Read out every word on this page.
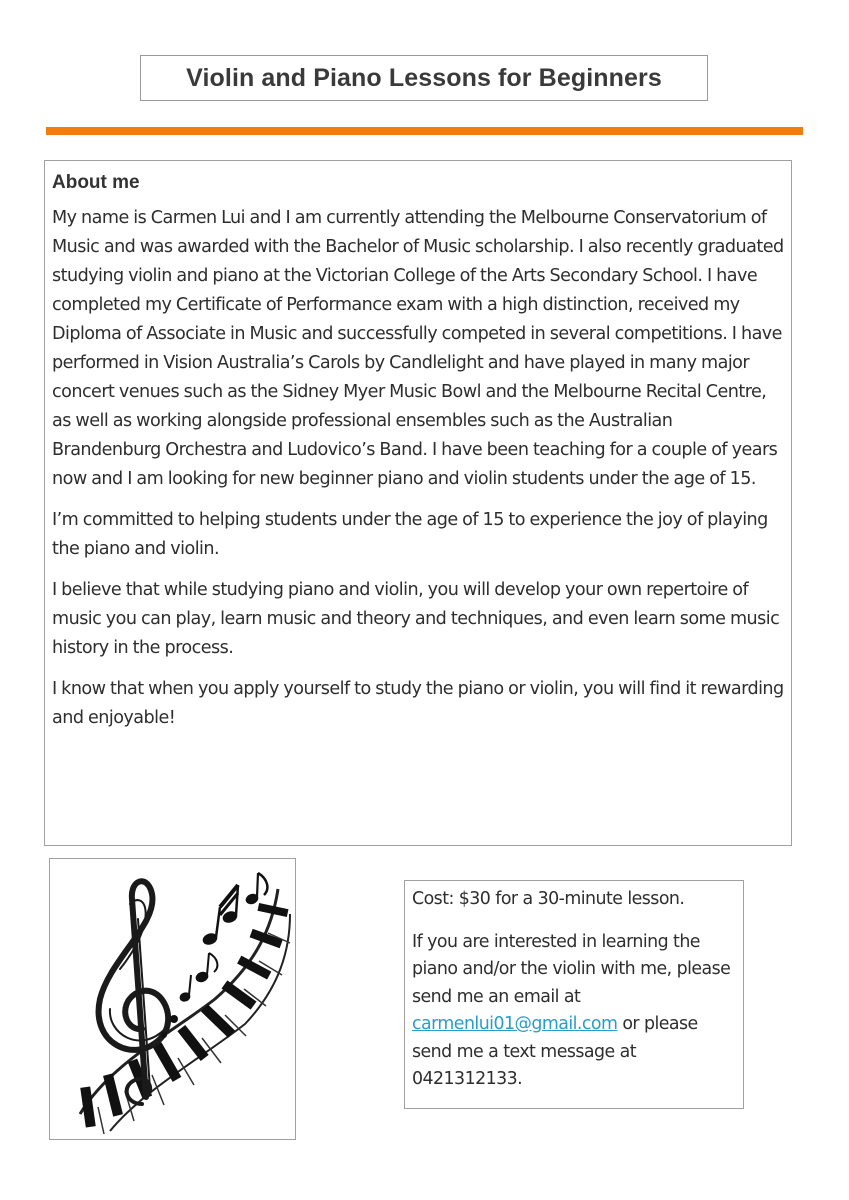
Violin and Piano Lessons for Beginners
About me

My name is Carmen Lui and I am currently attending the Melbourne Conservatorium of Music and was awarded with the Bachelor of Music scholarship. I also recently graduated studying violin and piano at the Victorian College of the Arts Secondary School. I have completed my Certificate of Performance exam with a high distinction, received my Diploma of Associate in Music and successfully competed in several competitions. I have performed in Vision Australia’s Carols by Candlelight and have played in many major concert venues such as the Sidney Myer Music Bowl and the Melbourne Recital Centre, as well as working alongside professional ensembles such as the Australian Brandenburg Orchestra and Ludovico’s Band. I have been teaching for a couple of years now and I am looking for new beginner piano and violin students under the age of 15.

I’m committed to helping students under the age of 15 to experience the joy of playing the piano and violin.

I believe that while studying piano and violin, you will develop your own repertoire of music you can play, learn music and theory and techniques, and even learn some music history in the process.

I know that when you apply yourself to study the piano or violin, you will find it rewarding and enjoyable!

Cost: $30 for a 30-minute lesson.

If you are interested in learning the piano and/or the violin with me, please send me an email at carmenlui01@gmail.com or please send me a text message at 0421312133.
